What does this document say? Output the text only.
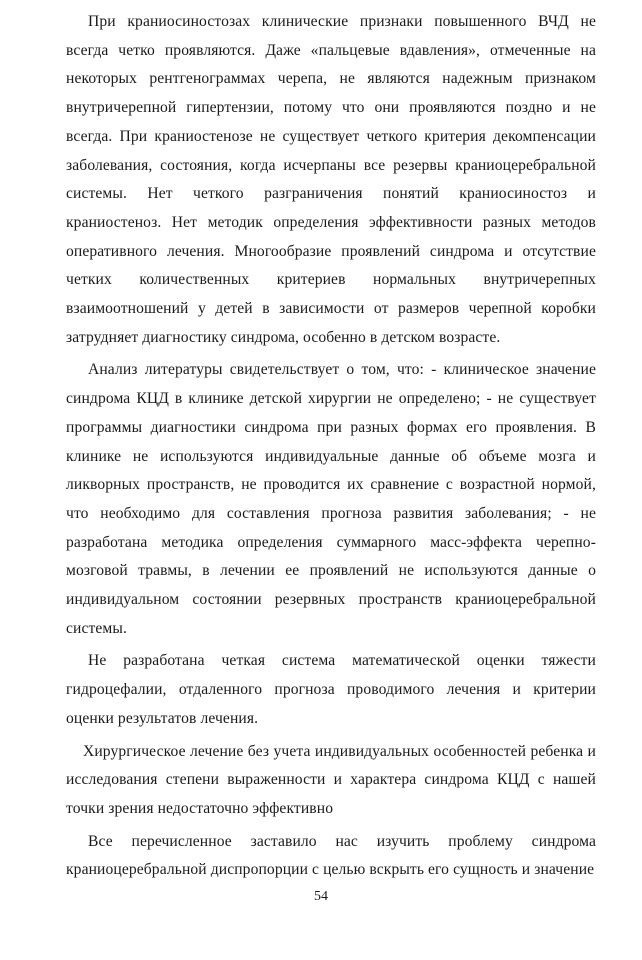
При краниосиностозах клинические признаки повышенного ВЧД не всегда четко проявляются. Даже «пальцевые вдавления», отмеченные на некоторых рентгенограммах черепа, не являются надежным признаком внутричерепной гипертензии, потому что они проявляются поздно и не всегда. При краниостенозе не существует четкого критерия декомпенсации заболевания, состояния, когда исчерпаны все резервы краниоцеребральной системы. Нет четкого разграничения понятий краниосиностоз и краниостеноз. Нет методик определения эффективности разных методов оперативного лечения. Многообразие проявлений синдрома и отсутствие четких количественных критериев нормальных внутричерепных взаимоотношений у детей в зависимости от размеров черепной коробки затрудняет диагностику синдрома, особенно в детском возрасте.

Анализ литературы свидетельствует о том, что: - клиническое значение синдрома КЦД в клинике детской хирургии не определено; - не существует программы диагностики синдрома при разных формах его проявления. В клинике не используются индивидуальные данные об объеме мозга и ликворных пространств, не проводится их сравнение с возрастной нормой, что необходимо для составления прогноза развития заболевания; - не разработана методика определения суммарного масс-эффекта черепно-мозговой травмы, в лечении ее проявлений не используются данные о индивидуальном состоянии резервных пространств краниоцеребральной системы.

Не разработана четкая система математической оценки тяжести гидроцефалии, отдаленного прогноза проводимого лечения и критерии оценки результатов лечения.

Хирургическое лечение без учета индивидуальных особенностей ребенка и исследования степени выраженности и характера синдрома КЦД с нашей точки зрения недостаточно эффективно

Все перечисленное заставило нас изучить проблему синдрома краниоцеребральной диспропорции с целью вскрыть его сущность и значение

54
